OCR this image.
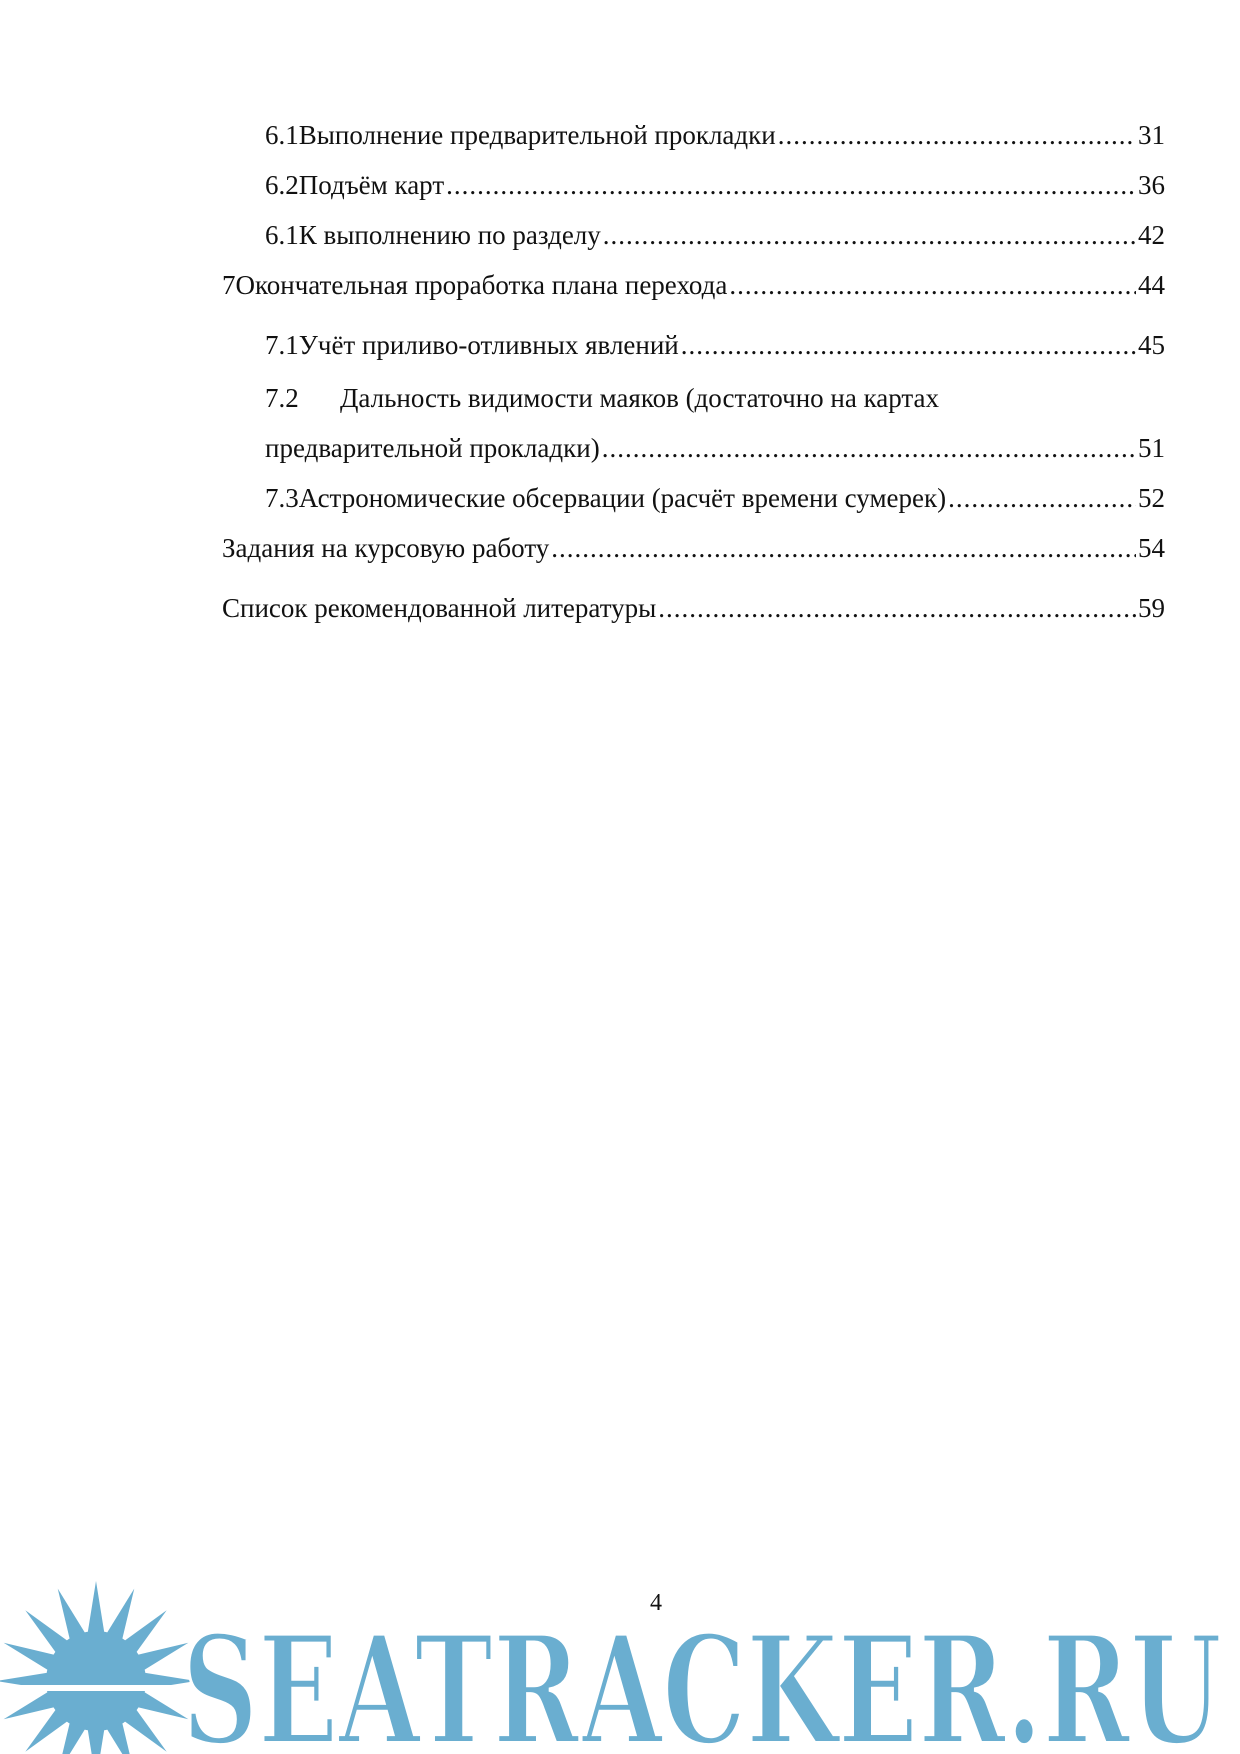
6.1 Выполнение предварительной прокладки .....	31
6.2 Подъём карт .....	36
6.1 К выполнению по разделу .....	42
7 Окончательная проработка плана перехода .....	44
7.1 Учёт приливо-отливных явлений .....	45
7.2 Дальность видимости маяков (достаточно на картах
предварительной прокладки) .....	51
7.3 Астрономические обсервации (расчёт времени сумерек) .....	52
Задания на курсовую работу .....	54
Список рекомендованной литературы .....	59
4
SEATRACKER.RU
